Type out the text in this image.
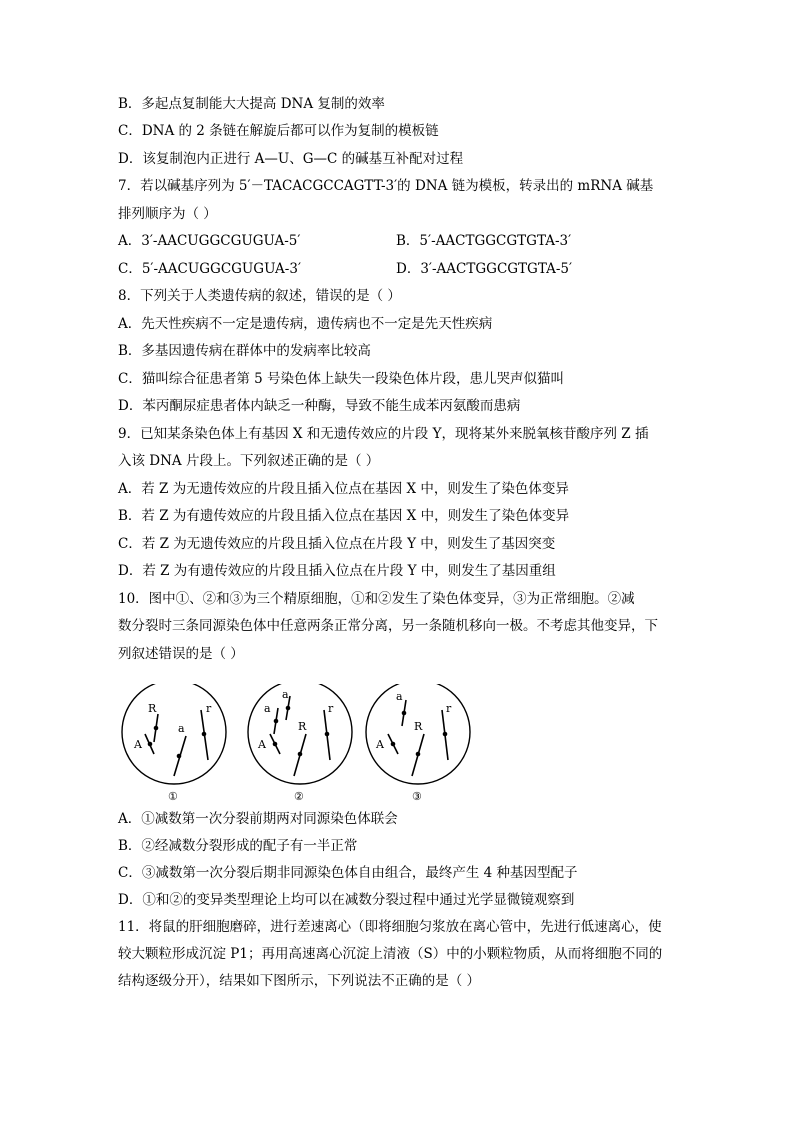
B．多起点复制能大大提高 DNA 复制的效率
C．DNA 的 2 条链在解旋后都可以作为复制的模板链
D．该复制泡内正进行 A—U、G—C 的碱基互补配对过程
7．若以碱基序列为 5′－TACACGCCAGTT-3′的 DNA 链为模板，转录出的 mRNA 碱基
排列顺序为（ ）
A．3′-AACUGGCGUGUA-5′	B．5′-AACTGGCGTGTA-3′
C．5′-AACUGGCGUGUA-3′	D．3′-AACTGGCGTGTA-5′
8．下列关于人类遗传病的叙述，错误的是（ ）
A．先天性疾病不一定是遗传病，遗传病也不一定是先天性疾病
B．多基因遗传病在群体中的发病率比较高
C．猫叫综合征患者第 5 号染色体上缺失一段染色体片段，患儿哭声似猫叫
D．苯丙酮尿症患者体内缺乏一种酶，导致不能生成苯丙氨酸而患病
9．已知某条染色体上有基因 X 和无遗传效应的片段 Y，现将某外来脱氧核苷酸序列 Z 插
入该 DNA 片段上。下列叙述正确的是（ ）
A．若 Z 为无遗传效应的片段且插入位点在基因 X 中，则发生了染色体变异
B．若 Z 为有遗传效应的片段且插入位点在基因 X 中，则发生了染色体变异
C．若 Z 为无遗传效应的片段且插入位点在片段 Y 中，则发生了基因突变
D．若 Z 为有遗传效应的片段且插入位点在片段 Y 中，则发生了基因重组
10．图中①、②和③为三个精原细胞，①和②发生了染色体变异，③为正常细胞。②减
数分裂时三条同源染色体中任意两条正常分离，另一条随机移向一极。不考虑其他变异，下
列叙述错误的是（ ）
R
a
r
A
①
a
a
R
r
A
②
a
R
r
A
③
A．①减数第一次分裂前期两对同源染色体联会
B．②经减数分裂形成的配子有一半正常
C．③减数第一次分裂后期非同源染色体自由组合，最终产生 4 种基因型配子
D．①和②的变异类型理论上均可以在减数分裂过程中通过光学显微镜观察到
11．将鼠的肝细胞磨碎，进行差速离心（即将细胞匀浆放在离心管中，先进行低速离心，使
较大颗粒形成沉淀 P1；再用高速离心沉淀上清液（S）中的小颗粒物质，从而将细胞不同的
结构逐级分开），结果如下图所示，下列说法不正确的是（ ）
